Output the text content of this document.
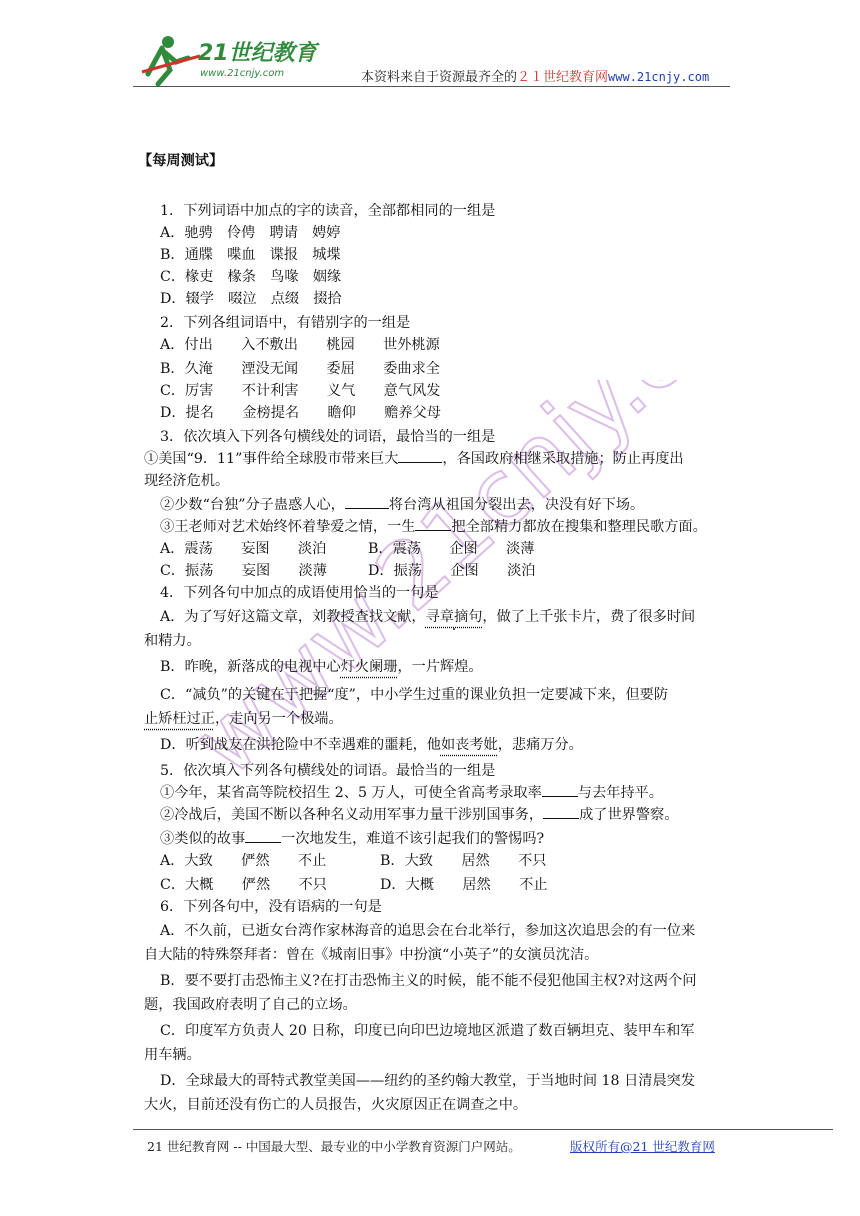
21世纪教育
www.21cnjy.com	本资料来自于资源最齐全的２１世纪教育网www.21cnjy.com
www.21cnjy.com
【每周测试】
1．下列词语中加点的字的读音，全部都相同的一组是
A．驰骋　伶俜　聘请　娉婷
B．通牒　喋血　谍报　城堞
C．椽吏　椽条　鸟喙　姻缘
D．辍学　啜泣　点缀　掇拾
2．下列各组词语中，有错别字的一组是
A．付出　　入不敷出　　桃园　　世外桃源
B．久淹　　湮没无闻　　委屈　　委曲求全
C．厉害　　不计利害　　义气　　意气风发
D．提名　　金榜提名　　瞻仰　　赡养父母
3．依次填入下列各句横线处的词语，最恰当的一组是
①美国“9．11”事件给全球股市带来巨大	，各国政府相继采取措施；防止再度出
现经济危机。
②少数“台独”分子蛊惑人心，	将台湾从祖国分裂出去，决没有好下场。
③王老师对艺术始终怀着挚爱之情，一生	把全部精力都放在搜集和整理民歌方面。
A．震荡　　妄图　　淡泊	B．震荡　　企图　　淡薄
C．振荡　　妄图　　淡薄	D．振荡　　企图　　淡泊
4．下列各句中加点的成语使用恰当的一句是
A．为了写好这篇文章，刘教授查找文献，寻章摘句，做了上千张卡片，费了很多时间
和精力。
B．昨晚，新落成的电视中心灯火阑珊，一片辉煌。
C．“减负”的关键在于把握“度”，中小学生过重的课业负担一定要减下来，但要防
止矫枉过正，走向另一个极端。
D．听到战友在洪抢险中不幸遇难的噩耗，他如丧考妣，悲痛万分。
5．依次填入下列各句横线处的词语。最恰当的一组是
①今年，某省高等院校招生 2、5 万人，可使全省高考录取率	与去年持平。
②冷战后，美国不断以各种名义动用军事力量干涉别国事务，	成了世界警察。
③类似的故事	一次地发生，难道不该引起我们的警惕吗?
A．大致　　俨然　　不止	B．大致　　居然　　不只
C．大概　　俨然　　不只	D．大概　　居然　　不止
6．下列各句中，没有语病的一句是
A．不久前，已逝女台湾作家林海音的追思会在台北举行，参加这次追思会的有一位来
自大陆的特殊祭拜者：曾在《城南旧事》中扮演“小英子”的女演员沈洁。
B．要不要打击恐怖主义?在打击恐怖主义的时候，能不能不侵犯他国主权?对这两个问
题，我国政府表明了自己的立场。
C．印度军方负责人 20 日称，印度已向印巴边境地区派遣了数百辆坦克、装甲车和军
用车辆。
D．全球最大的哥特式教堂美国——纽约的圣约翰大教堂，于当地时间 18 日清晨突发
大火，目前还没有伤亡的人员报告，火灾原因正在调查之中。
21 世纪教育网 -- 中国最大型、最专业的中小学教育资源门户网站。	版权所有@21 世纪教育网
